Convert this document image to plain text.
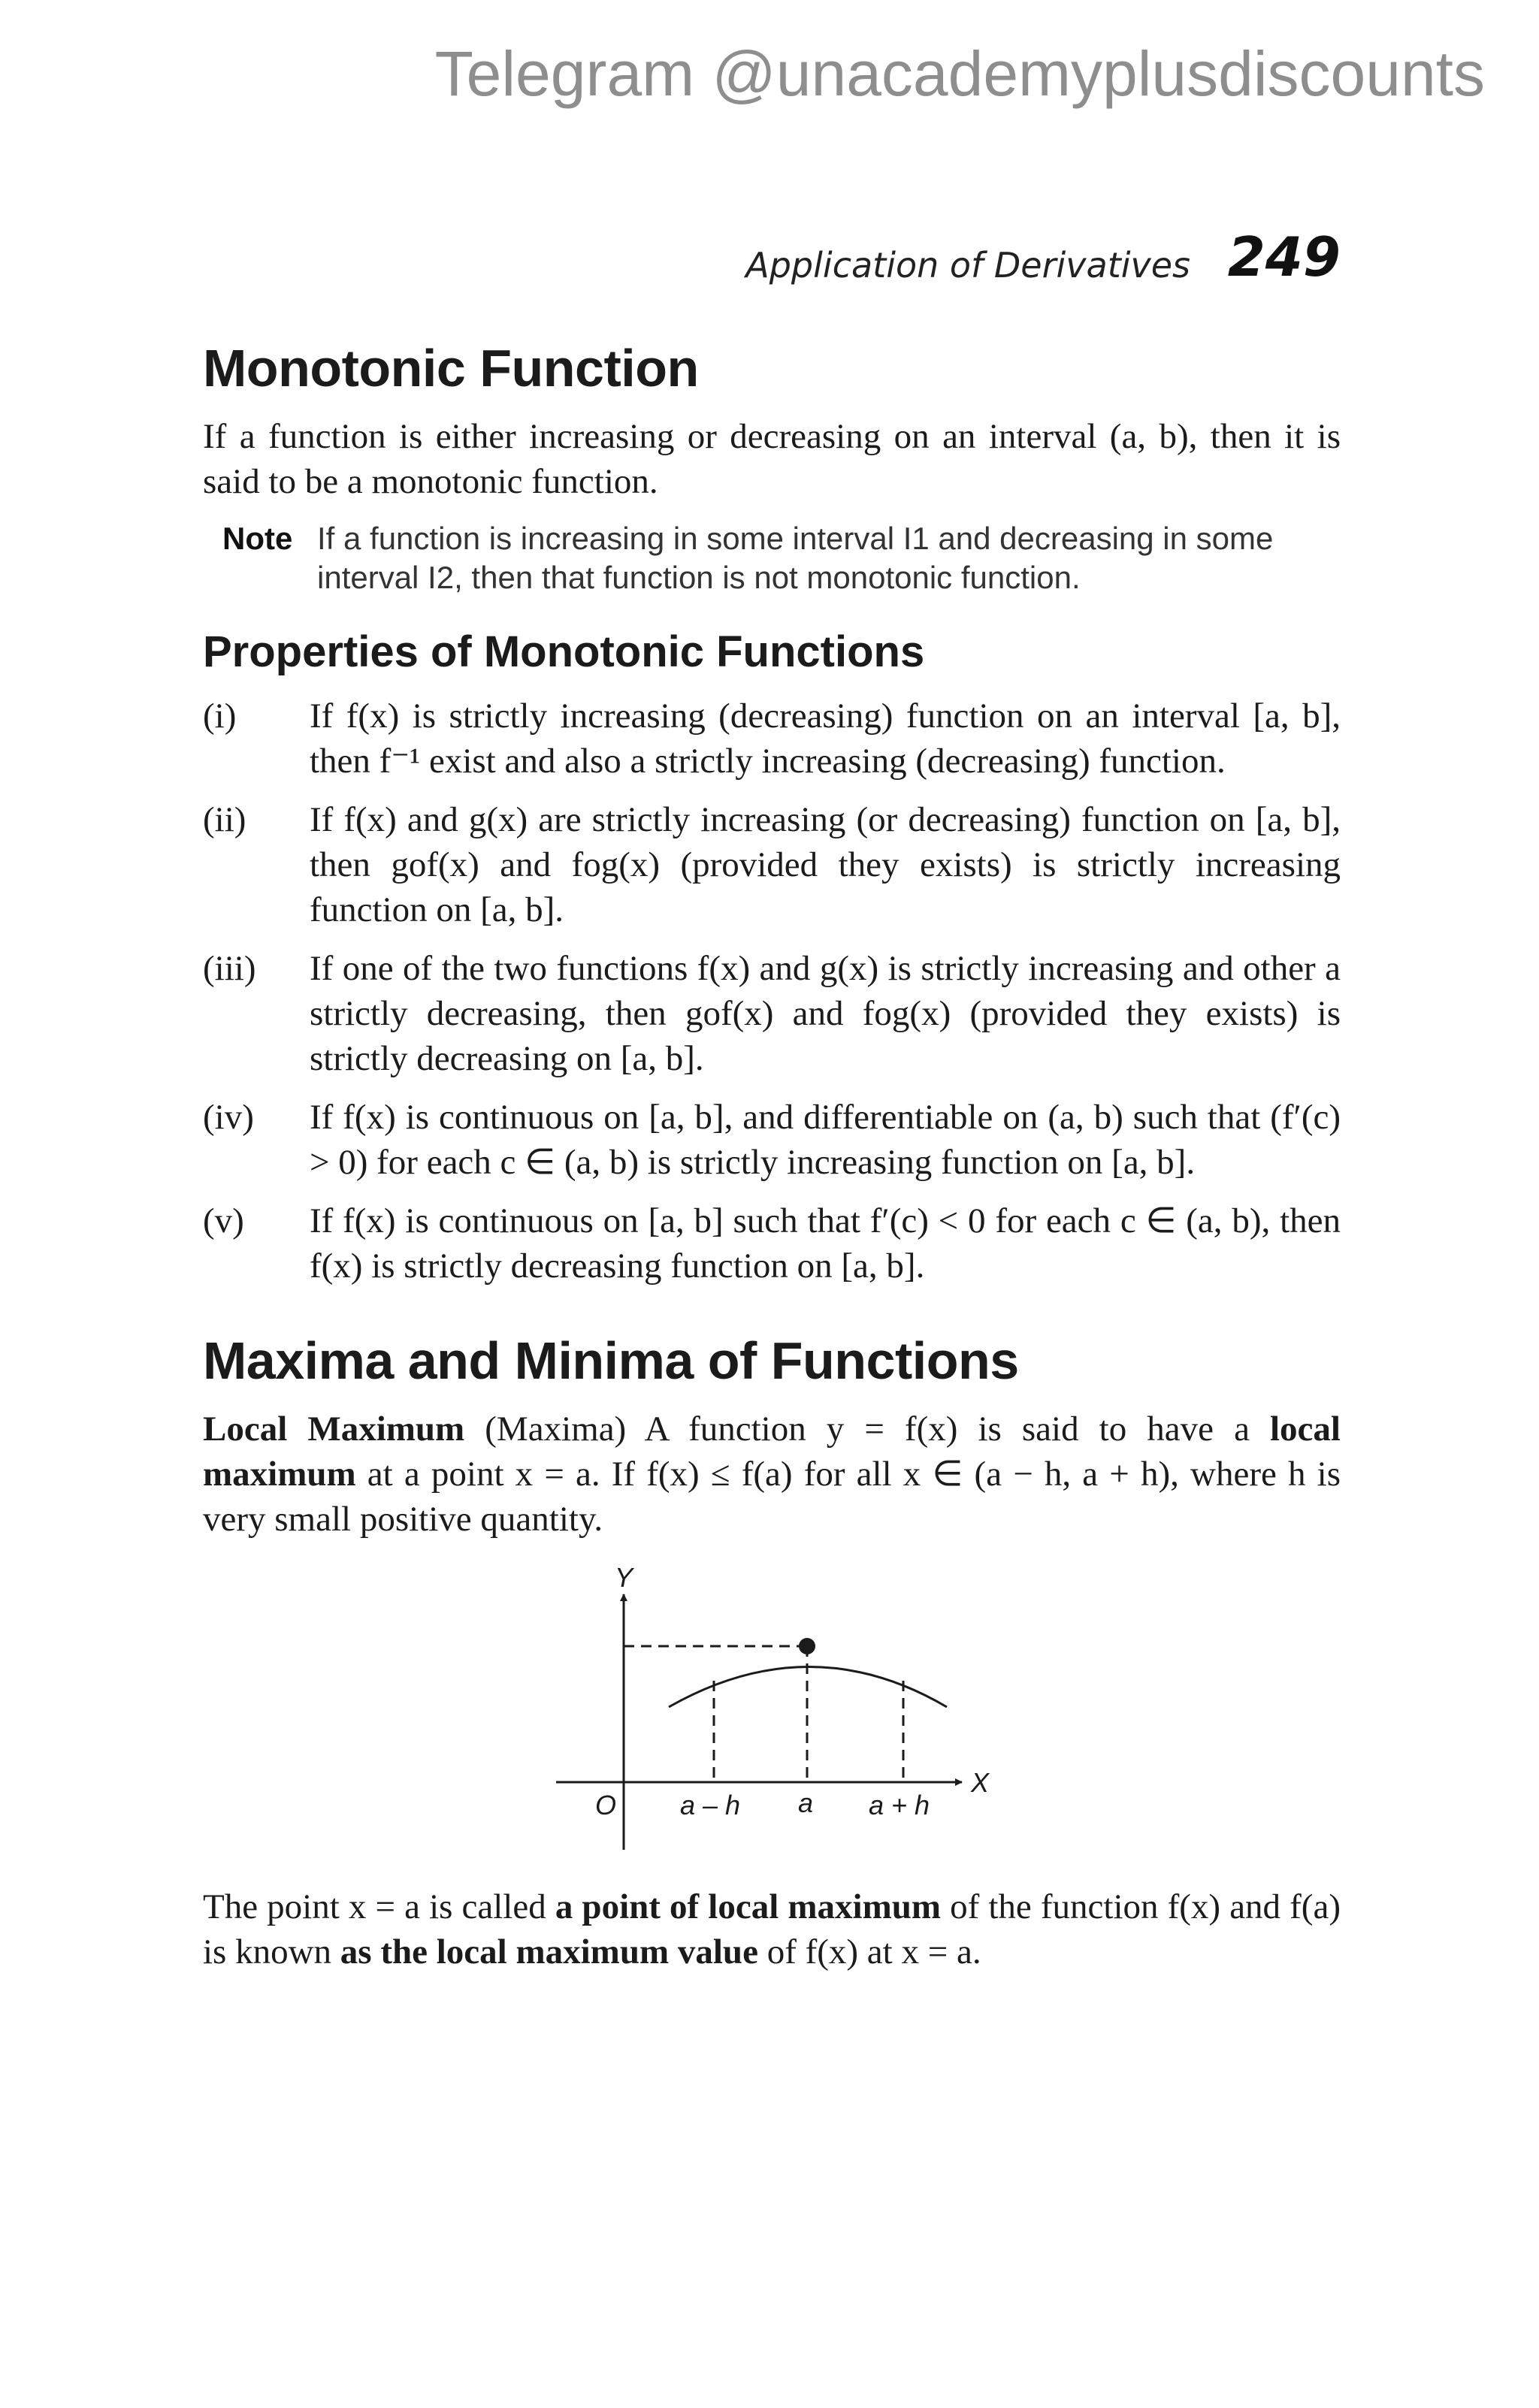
Telegram @unacademyplusdiscounts
Application of Derivatives 249
Monotonic Function

If a function is either increasing or decreasing on an interval (a, b), then it is said to be a monotonic function.

Note If a function is increasing in some interval I1 and decreasing in some interval I2, then that function is not monotonic function.
Properties of Monotonic Functions
(i)	If f(x) is strictly increasing (decreasing) function on an interval [a, b], then f⁻¹ exist and also a strictly increasing (decreasing) function.
(ii)	If f(x) and g(x) are strictly increasing (or decreasing) function on [a, b], then gof(x) and fog(x) (provided they exists) is strictly increasing function on [a, b].
(iii)	If one of the two functions f(x) and g(x) is strictly increasing and other a strictly decreasing, then gof(x) and fog(x) (provided they exists) is strictly decreasing on [a, b].
(iv)	If f(x) is continuous on [a, b], and differentiable on (a, b) such that (f′(c) > 0) for each c ∈ (a, b) is strictly increasing function on [a, b].
(v)	If f(x) is continuous on [a, b] such that f′(c) < 0 for each c ∈ (a, b), then f(x) is strictly decreasing function on [a, b].
Maxima and Minima of Functions

Local Maximum (Maxima) A function y = f(x) is said to have a local maximum at a point x = a. If f(x) ≤ f(a) for all x ∈ (a − h, a + h), where h is very small positive quantity.

Y
X
O a – h a a + h

The point x = a is called a point of local maximum of the function f(x) and f(a) is known as the local maximum value of f(x) at x = a.
